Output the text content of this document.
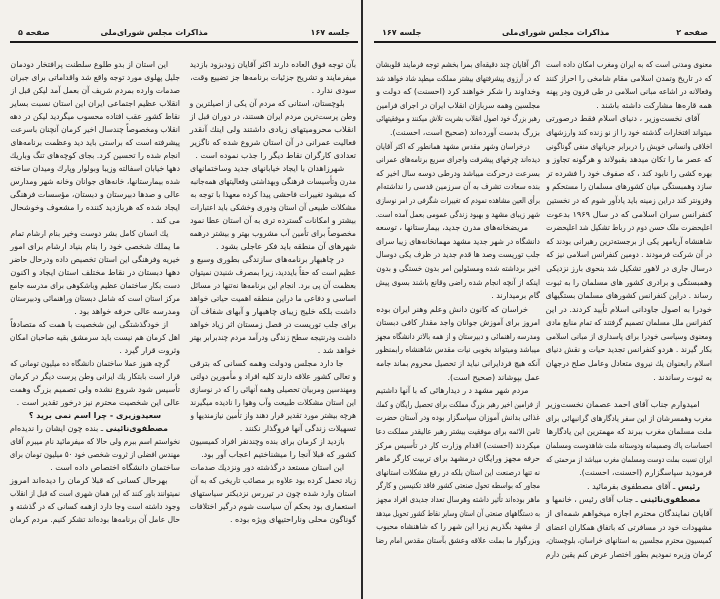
جلسه ۱۶۷
مذاکرات مجلس شورای‌ملی
صفحه ۵
بآن توجه فوق العاده دارند اکثر آقایان زودبزود بازدید
میفرمایند و تشریح جزئیات برنامه‌ها جز تضییع وقت،
سودی ندارد .
بلوچستان، استانی که مردم آن یکی از اصیلترین و
وطن پرست‌ترین مردم ایران هستند، در دوران قبل از
انقلاب محرومیتهای زیادی داشتند ولی اینك آنقدر
فعالیت عمرانی در آن استان شروع شده که ناگزیر
تعدادی کارگران نقاط دیگر را جذب نموده است .
شهرزاهدان با ایجاد خیابانهای جدید وساختمانهای
مدرن وتأسیسات فرهنگی وبهداشتی وفعالیتهای همه‌جانبه
که میشود تغییرات فاحشی پیدا کرده معهذا با توجه به
مشکلات طبیعی آن استان ودوری وخشکی باید اعتبارات
بیشتر و امکانات گسترده تری به آن استان عطا نمود
مخصوصاً برای تأمین آب مشروب بهتر و بیشتر درهمه
شهرهای آن منطقه باید فکر عاجلی بشود .
در چاهبهار برنامه‌های سازندگی بطوری وسیع و
عظیم است که حقاً بایددید، زیرا بمصرف شنیدن نمیتوان
بعظمت آن پی برد. انجام این برنامه‌ها نه‌تنها در مسائل
اساسی و دفاعی ما دراین منطقه اهمیت حیاتی خواهد
داشت بلکه خلیج زیبای چاهبهار و آبهای شفاف آن
برای جلب توریست در فصل زمستان اثر زیاد خواهد
داشت ودرنتیجه سطح زندگی ودرآمد مردم چندبرابر بهتر
خواهد شد .
جا دارد مجلس ودولت وهمه کسانی که بترقی
و تعالی کشور علاقه دارند کلیه افراد و مأمورین دولتی
ومهندسین ومربیان تحصیلی وهمه آنهائی را که در نوسازی
این استان مشکلات طبیعت وآب وهوا را نادیده میگیرند
هرچه بیشتر مورد تقدیر قرار دهند واز تأمین نیازمندیها و
تسهیلات زندگی آنها فروگذار نکنند .
بازدید از کرمان برای بنده وچندنفر افراد کمیسیون
کشور که قبلا آنجا را میشناختیم اعجاب آور بود.
این استان مستعد درگذشته دور ونزدیك صدمات
زیاد تحمل کرده بود علاوه بر مصائب تاریخی که به آن
استان وارد شده چون در تیررس نزدیکتر سیاستهای
استعماری بود بحکم آن سیاست شوم درگیر اختلافات
گوناگون محلی وناراحتیهای ویژه بوده .
این استان از بدو طلوع سلطنت پرافتخار دودمان
جلیل پهلوی مورد توجه واقع شد واقداماتی برای جبران
صدمات وارده بمردم شریف آن بعمل آمد لیکن قبل از
انقلاب عظیم اجتماعی ایران این استان نسبت بسایر
نقاط کشور عقب افتاده محسوب میگردید لیکن در دهه
انقلاب ومخصوصاً چندسال اخیر کرمان آنچنان باسرعت
پیشرفته است که براستی باید دید وعظمت برنامه‌های
انجام شده را تحسین کرد. بجای کوچه‌های تنگ وباریك
دهها خیابان اسفالته وزیبا وبولوار وپارك ومیدان ساخته
شده بیمارستانها، خانه‌های جوانان وخانه شهر ومدارس
عالی و صدها دبیرستان و دبستان، مؤسسات فرهنگی
ایجاد شده که هربازدید کننده را مشعوف وخوشحال
می کند .
یك انسان کامل بشر دوست وخیر بنام ارشام تمام
ما یملك شخصی خود را بنام بنیاد ارشام برای امور
خیریه وفرهنگی این استان تخصیص داده ودرحال حاضر
دهها دبستان در نقاط مختلف استان ایجاد و اکنون
دست بکار ساختمان عظیم وباشکوهی برای مدرسه جامع
مرکز استان است که شامل دبستان وراهنمائی ودبیرستان
ومدرسه عالی حرفه خواهد بود .
از خودگذشتگی این شخصیت با همت که متصادفاً
اهل کرمان هم نیست باید سرمشق بقیه صاحبان امکان
وثروت قرار گیرد .
گرچه هنوز عملا ساختمان دانشگاه ده میلیون تومانی که
قرار است بابتکار یك ایرانی وطن پرست دیگر در کرمان
تأسیس شود شروع نشده ولی تصمیم بزرگ وهمت
عالی این شخصیت محترم نیز درخور تقدیر است .
سعیدوزیری - چرا اسم نمی برید ؟
مصطفوی‌نائینی ـ بنده چون ایشان را ندیده‌ام
نخواستم اسم ببرم ولی حالا که میفرمائید نام میبرم آقای
مهندس افضلی از ثروت شخصی خود ۵۰ میلیون تومان برای
ساختمان دانشگاه اختصاص داده است .
بهرحال کسانی که قبلا کرمان را دیده‌اند امروز
نمیتوانند باور کنند که این همان شهری است که قبل از انقلاب
وجود داشته است وجا دارد ازهمه کسانی که در گذشته و
حال عامل آن برنامه‌ها بوده‌اند تشکر کنیم. مردم کرمان
جلسه ۱۶۷	مذاکرات مجلس شورای‌ملی	صفحه ۲
معنوی ومدنی است که به ایران ومغرب امکان داده است
که در تاریخ وتمدن اسلامی مقام شامخی را احراز کنند
وفعالانه در اشاعه مبانی اسلامی در طی قرون ودر پهنه
همه قاره‌ها مشارکت داشته باشند .
آقای نخست‌وزیر ، دنیای اسلام فقط درصورتی
میتواند افتخارات گذشته خود را از نو زنده کند وارزشهای
اخلاقی وانسانی خویش را دربرابر جریانهای منفی گوناگونی
که عصر ما را تکان میدهد بقبولاند و هرگونه تجاوز و
بهره کشی را نابود کند ، که صفوف خود را فشرده تر
سازد وهمبستگی میان کشورهای مسلمان را مستحکم و
وفزونتر کند دراین زمینه باید یادآور شوم که در نخستین
کنفرانس سران اسلامی که در سال ۱۹۶۹ بدعوت
اعلیحضرت ملک حسن دوم در رباط تشکیل شد اعلیحضرت
شاهنشاه آریامهر یکی از برجسته‌ترین رهبرانی بودند که
در آن شرکت فرمودند . دومین کنفرانس اسلامی نیز که
درسال جاری در لاهور تشکیل شد بنحوی بارز نزدیکی
وهمبستگی و برادری کشور های مسلمان را به ثبوت
رساند . دراین کنفرانس کشورهای مسلمان بستگیهای
خودرا به اصول جاودانی اسلام تأیید کردند. در این
کنفرانس ملل مسلمان تصمیم گرفتند که تمام منابع مادی
ومعنوی وسیاسی خودرا برای پاسداری از مبانی اسلامی
بکار گیرند . هردو کنفرانس تجدید حیات و نقش دنیای
اسلام رابعنوان یك نیروی متعادل وعامل صلح درجهان
به ثبوت رساندند .
امیدوارم جناب آقای احمد عصمان نخست‌وزیر
مغرب وهمسرشان از این سفر یادگارهای گرانبهائی برای
ملت مسلمان مغرب ببرند که مهمترین این یادگارها
احساسات پاك وصمیمانه ودوستانه ملت شاهدوست ومسلمان
ایران نسبت بملت دوست ومسلمان مغرب میباشد از مرحمتی که
فرمودید سپاسگزارم (احسنت، احسنت).
رئیس ـ آقای مصطفوی بفرمائید .
مصطفوی‌نائینی ـ جناب آقای رئیس ، خانمها و
آقایان نمایندگان محترم اجازه میخواهم شمه‌ای از
مشهودات خود در مسافرتی که باتفاق همکاران اعضای
کمیسیون محترم مجلسین به استانهای خراسان، بلوچستان،
کرمان وزیره نمودیم بطور اختصار عرض کنم یقین دارم
اگر آقایان چند دقیقه‌ای بمرا بخشم توجه فرمایند قلوبشان
که در آرزوی پیشرفتهای بیشتر مملکت میطپد شاد خواهد شد
وخداوند را شکر خواهند کرد (احسنت) که دولت و
مجلسین وهمه سربازان انقلاب ایران در اجرای فرامین
رهبر بزرگ خود اصول انقلاب بشریت تلاش میکنند و موفقیتهائی
بزرگ بدست آورده‌اند (صحیح است، احسنت).
درخراسان وشهر مقدس مشهد همانطور که اکثر آقایان
دیده‌اند چرخهای پیشرفت واجرای سریع برنامه‌های عمرانی
بسرعت درحرکت میباشد ودرطی دوسه سال اخیر که
بنده سعادت تشرف به آن سرزمین قدسی را نداشته‌ام
برأی العین مشاهده نمودم که تغییرات شگرفی در امر نوسازی
شهر زیبای مشهد و بهبود زندگی عمومی بعمل آمده است.
مریضخانه‌های مدرن جدید، بیمارستانها ، توسعه
دانشگاه در شهر جدید مشهد مهمانخانه‌های زیبا سرای
جلب توریست وصد ها قدم جدید در ظرف یکی دوسال
اخیر برداشته شده ومسئولین امر بدون خستگی و بدون
اینکه از آنچه انجام شده راضی وقانع باشند بسوی پیش
گام برمیدارند .
خراسان که کانون دانش وعلم وهنر ایران بوده
امروز برای آموزش جوانان واجد مقدار کافی دبستان
ومدرسه راهنمائی و دبیرستان و از همه بالاتر دانشگاه مجهز
میباشد ومیتواند بخوبی نیات مقدس شاهنشاه رابمنظور
آنکه هیچ فردایرانی نباید از تحصیل محروم بماند جامه
عمل بپوشاند (صحیح است).
مردم شهر مشهد د ر دیدارهائی که با آنها داشتیم
از فرامین اخیر رهبر بزرگ مملکت برای تحصیل رایگان و کمك
غذائی بدانش آموزان سپاسگزار بوده ودر آستان حضرت
ثامن الائمه برای موفقیت بیشتر رهبر عالیقدر مملکت دعا
میکردند (احسنت) اقدام وزارت کار در تأسیس مرکز
حرفه مجهز ورایگان درمشهد برای تربیت کارگر ماهر
نه تنها درصنعت این استان بلکه در رفع مشکلات استانهای
مجاور که بواسطه تحول صنعتی کشور فاقد تکنیسین و کارگر
ماهر بوده‌اند تأثیر داشته وهرسال تعداد جدیدی افراد مجهز
به دستگاههای صنعتی آن استان وسایر نقاط کشور تحویل میدهد
از مشهد بگذریم زیرا این شهر را که شاهنشاه محبوب
وبزرگوار ما بملت علاقه وعشق بآستان مقدس امام رضا
